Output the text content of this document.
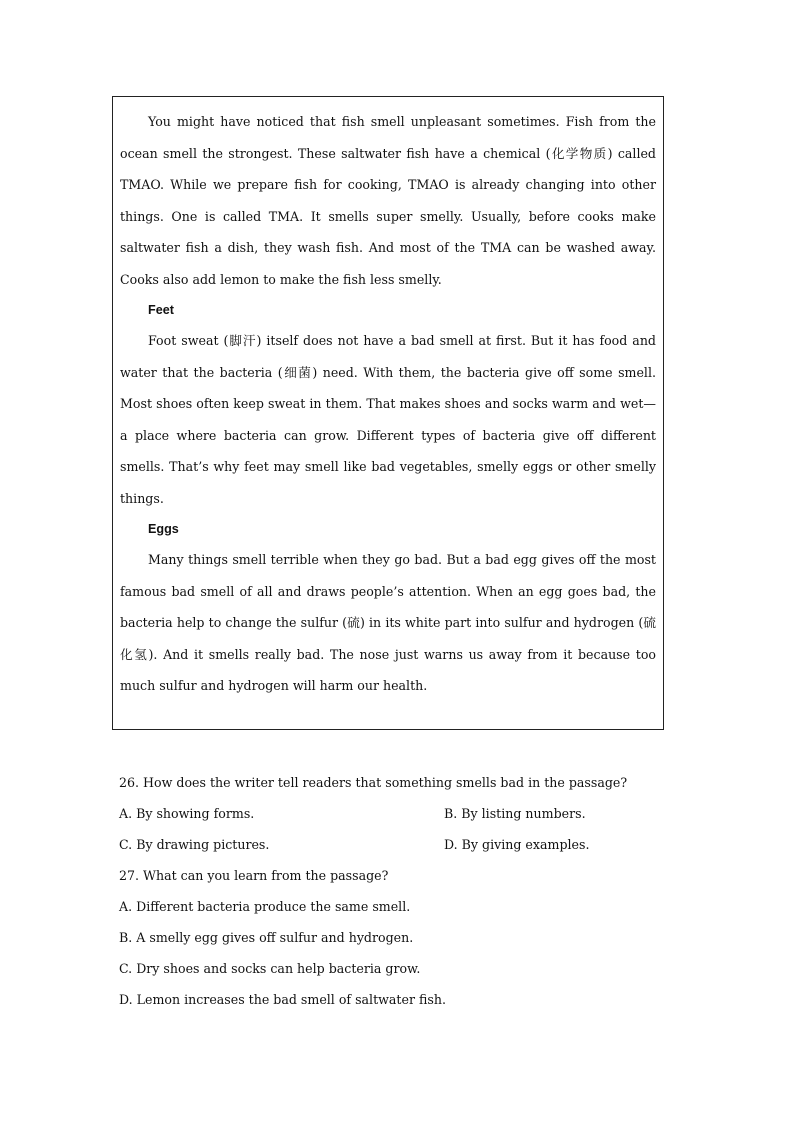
You might have noticed that fish smell unpleasant sometimes. Fish from the ocean smell the strongest. These saltwater fish have a chemical (化学物质) called TMAO. While we prepare fish for cooking, TMAO is already changing into other things. One is called TMA. It smells super smelly. Usually, before cooks make saltwater fish a dish, they wash fish. And most of the TMA can be washed away. Cooks also add lemon to make the fish less smelly.

Feet

Foot sweat (脚汗) itself does not have a bad smell at first. But it has food and water that the bacteria (细菌) need. With them, the bacteria give off some smell. Most shoes often keep sweat in them. That makes shoes and socks warm and wet—a place where bacteria can grow. Different types of bacteria give off different smells. That’s why feet may smell like bad vegetables, smelly eggs or other smelly things.

Eggs

Many things smell terrible when they go bad. But a bad egg gives off the most famous bad smell of all and draws people’s attention. When an egg goes bad, the bacteria help to change the sulfur (硫) in its white part into sulfur and hydrogen (硫化氢). And it smells really bad. The nose just warns us away from it because too much sulfur and hydrogen will harm our health.

26. How does the writer tell readers that something smells bad in the passage?
A. By showing forms.	B. By listing numbers.
C. By drawing pictures.	D. By giving examples.
27. What can you learn from the passage?
A. Different bacteria produce the same smell.
B. A smelly egg gives off sulfur and hydrogen.
C. Dry shoes and socks can help bacteria grow.
D. Lemon increases the bad smell of saltwater fish.
